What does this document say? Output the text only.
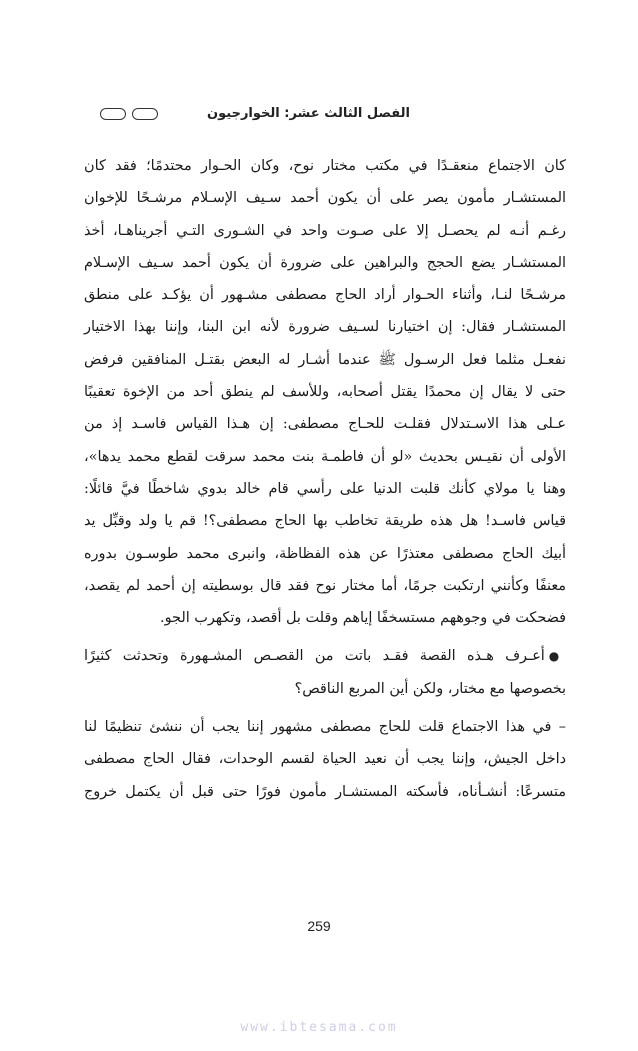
الفصل الثالث عشر: الخوارجيون
كان الاجتماع منعقـدًا في مكتب مختار نوح، وكان الحـوار محتدمًا؛ فقد كان
المستشـار مأمون يصر على أن يكون أحمد سـيف الإسـلام مرشـحًا للإخوان
رغـم أنـه لم يحصـل إلا على صـوت واحد في الشـورى التـي أجريناهـا، أخذ
المستشـار يضع الحجج والبراهين على ضرورة أن يكون أحمد سـيف الإسـلام
مرشـحًا لنـا، وأثناء الحـوار أراد الحاج مصطفى مشـهور أن يؤكـد على منطق
المستشـار فقال: إن اختيارنا لسـيف ضرورة لأنه ابن البنا، وإننا بهذا الاختيار
نفعـل مثلما فعل الرسـول ﷺ عندما أشـار له البعض بقتـل المنافقين فرفض
حتى لا يقال إن محمدًا يقتل أصحابه، وللأسف لم ينطق أحد من الإخوة تعقيبًا
عـلى هذا الاسـتدلال فقلـت للحـاج مصطفى: إن هـذا القياس فاسـد إذ من
الأولى أن نقيـس بحديث «لو أن فاطمـة بنت محمد سرقت لقطع محمد يدها»،
وهنا يا مولاي كأنك قلبت الدنيا على رأسي قام خالد بدوي شاخطًا فيَّ قائلًا:
قياس فاسـد! هل هذه طريقة تخاطب بها الحاج مصطفى؟! قم يا ولد وقبِّل يد
أبيك الحاج مصطفى معتذرًا عن هذه الفظاظة، وانبرى محمد طوسـون بدوره
معنفًا وكأنني ارتكبت جرمًا، أما مختار نوح فقد قال بوسطيته إن أحمد لم يقصد،
فضحكت في وجوههم مستسخفًا إياهم وقلت بل أقصد، وتكهرب الجو.
●أعـرف هـذه القصة فقـد باتت من القصـص المشـهورة وتحدثت كثيرًا
بخصوصها مع مختار، ولكن أين المربع الناقص؟
– في هذا الاجتماع قلت للحاج مصطفى مشهور إننا يجب أن ننشئ تنظيمًا لنا
داخل الجيش، وإننا يجب أن نعيد الحياة لقسم الوحدات، فقال الحاج مصطفى
متسرعًا: أنشـأناه، فأسكته المستشـار مأمون فورًا حتى قبل أن يكتمل خروج
259
www.ibtesama.com
